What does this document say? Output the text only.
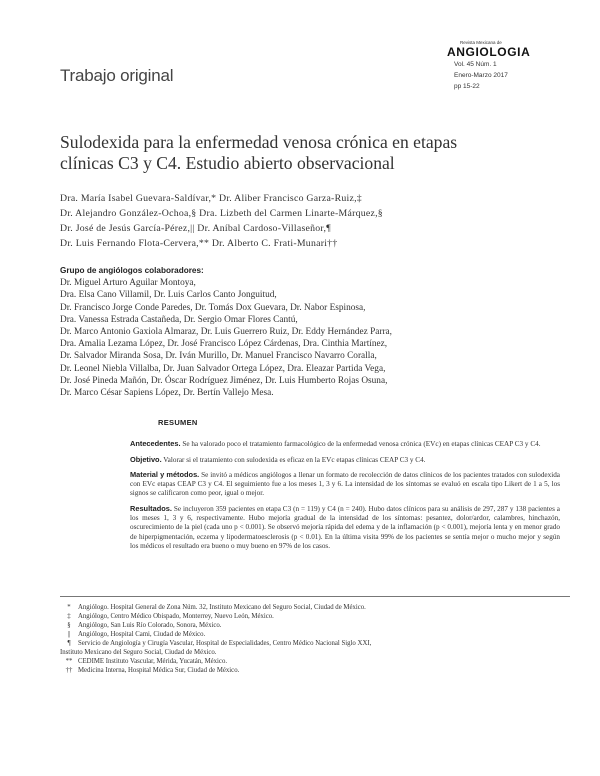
Revista Mexicana de
ANGIOLOGIA
Vol. 45 Núm. 1
Enero-Marzo 2017
pp 15-22
Trabajo original
Sulodexida para la enfermedad venosa crónica en etapas
clínicas C3 y C4. Estudio abierto observacional
Dra. María Isabel Guevara-Saldívar,* Dr. Aliber Francisco Garza-Ruiz,‡
Dr. Alejandro González-Ochoa,§ Dra. Lizbeth del Carmen Linarte-Márquez,§
Dr. José de Jesús García-Pérez,|| Dr. Aníbal Cardoso-Villaseñor,¶
Dr. Luis Fernando Flota-Cervera,** Dr. Alberto C. Frati-Munari††
Grupo de angiólogos colaboradores:
Dr. Miguel Arturo Aguilar Montoya,
Dra. Elsa Cano Villamil, Dr. Luis Carlos Canto Jonguitud,
Dr. Francisco Jorge Conde Paredes, Dr. Tomás Dox Guevara, Dr. Nabor Espinosa,
Dra. Vanessa Estrada Castañeda, Dr. Sergio Omar Flores Cantú,
Dr. Marco Antonio Gaxiola Almaraz, Dr. Luis Guerrero Ruiz, Dr. Eddy Hernández Parra,
Dra. Amalia Lezama López, Dr. José Francisco López Cárdenas, Dra. Cinthia Martínez,
Dr. Salvador Miranda Sosa, Dr. Iván Murillo, Dr. Manuel Francisco Navarro Coralla,
Dr. Leonel Niebla Villalba, Dr. Juan Salvador Ortega López, Dra. Eleazar Partida Vega,
Dr. José Pineda Mañón, Dr. Óscar Rodríguez Jiménez, Dr. Luis Humberto Rojas Osuna,
Dr. Marco César Sapiens López, Dr. Bertín Vallejo Mesa.
RESUMEN
Antecedentes. Se ha valorado poco el tratamiento farmacológico de la enfermedad venosa crónica (EVc) en etapas clínicas CEAP C3 y C4.
Objetivo. Valorar si el tratamiento con sulodexida es eficaz en la EVc etapas clínicas CEAP C3 y C4.
Material y métodos. Se invitó a médicos angiólogos a llenar un formato de recolección de datos clínicos de los pacientes tratados con sulodexida con EVc etapas CEAP C3 y C4. El seguimiento fue a los meses 1, 3 y 6. La intensidad de los síntomas se evaluó en escala tipo Likert de 1 a 5, los signos se calificaron como peor, igual o mejor.
Resultados. Se incluyeron 359 pacientes en etapa C3 (n = 119) y C4 (n = 240). Hubo datos clínicos para su análisis de 297, 287 y 138 pacientes a los meses 1, 3 y 6, respectivamente. Hubo mejoría gradual de la intensidad de los síntomas: pesantez, dolor/ardor, calambres, hinchazón, oscurecimiento de la piel (cada uno p < 0.001). Se observó mejoría rápida del edema y de la inflamación (p < 0.001), mejoría lenta y en menor grado de hiperpigmentación, eczema y lipodermatoesclerosis (p < 0.01). En la última visita 99% de los pacientes se sentía mejor o mucho mejor y según los médicos el resultado era bueno o muy bueno en 97% de los casos.
*	Angiólogo. Hospital General de Zona Núm. 32, Instituto Mexicano del Seguro Social, Ciudad de México.
‡	Angiólogo, Centro Médico Obispado, Monterrey, Nuevo León, México.
§	Angiólogo, San Luis Río Colorado, Sonora, México.
||	Angiólogo, Hospital Cami, Ciudad de México.
¶	Servicio de Angiología y Cirugía Vascular, Hospital de Especialidades, Centro Médico Nacional Siglo XXI,
Instituto Mexicano del Seguro Social, Ciudad de México.
** CEDIME Instituto Vascular, Mérida, Yucatán, México.
†† Medicina Interna, Hospital Médica Sur, Ciudad de México.
